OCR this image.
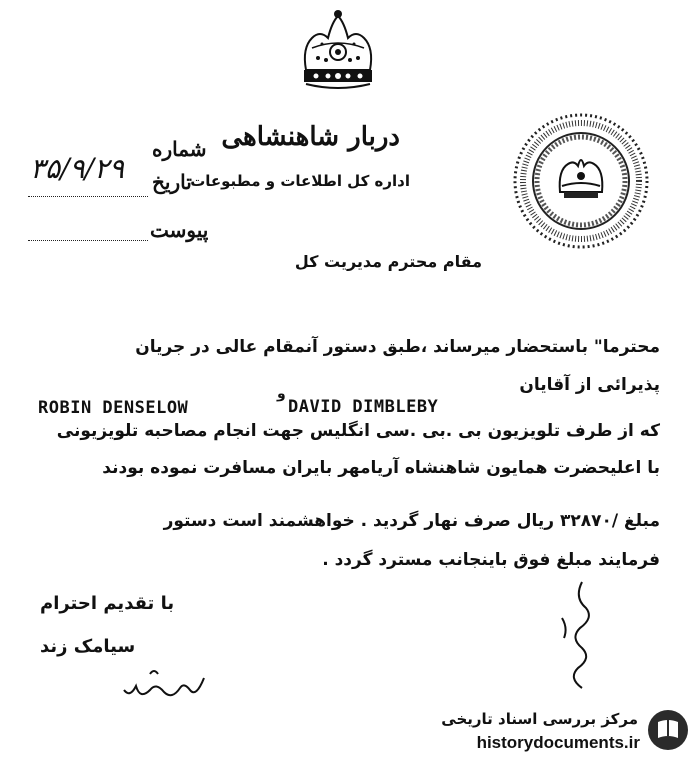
دربار شاهنشاهی
اداره کل اطلاعات و مطبوعات
شماره
تاریخ
پیوست
۳۵/۹/۲۹
مقام محترم مدیریت کل
محترما" باستحضار میرساند ،طبق دستور آنمقام عالی در جریان
پذیرائی از آقایان
ROBIN DENSELOW
و
DAVID DIMBLEBY
که از طرف تلویزیون بی .بی .سی انگلیس جهت انجام مصاحبه تلویزیونی
با اعلیحضرت همایون شاهنشاه آریامهر بایران مسافرت نموده بودند
مبلغ /۳۲۸۷۰ ریال صرف نهار گردید . خواهشمند است دستور
فرمایند مبلغ فوق باینجانب مسترد گردد .
با تقدیم احترام
سیامک زند
مرکز بررسی اسناد تاریخی
historydocuments.ir
